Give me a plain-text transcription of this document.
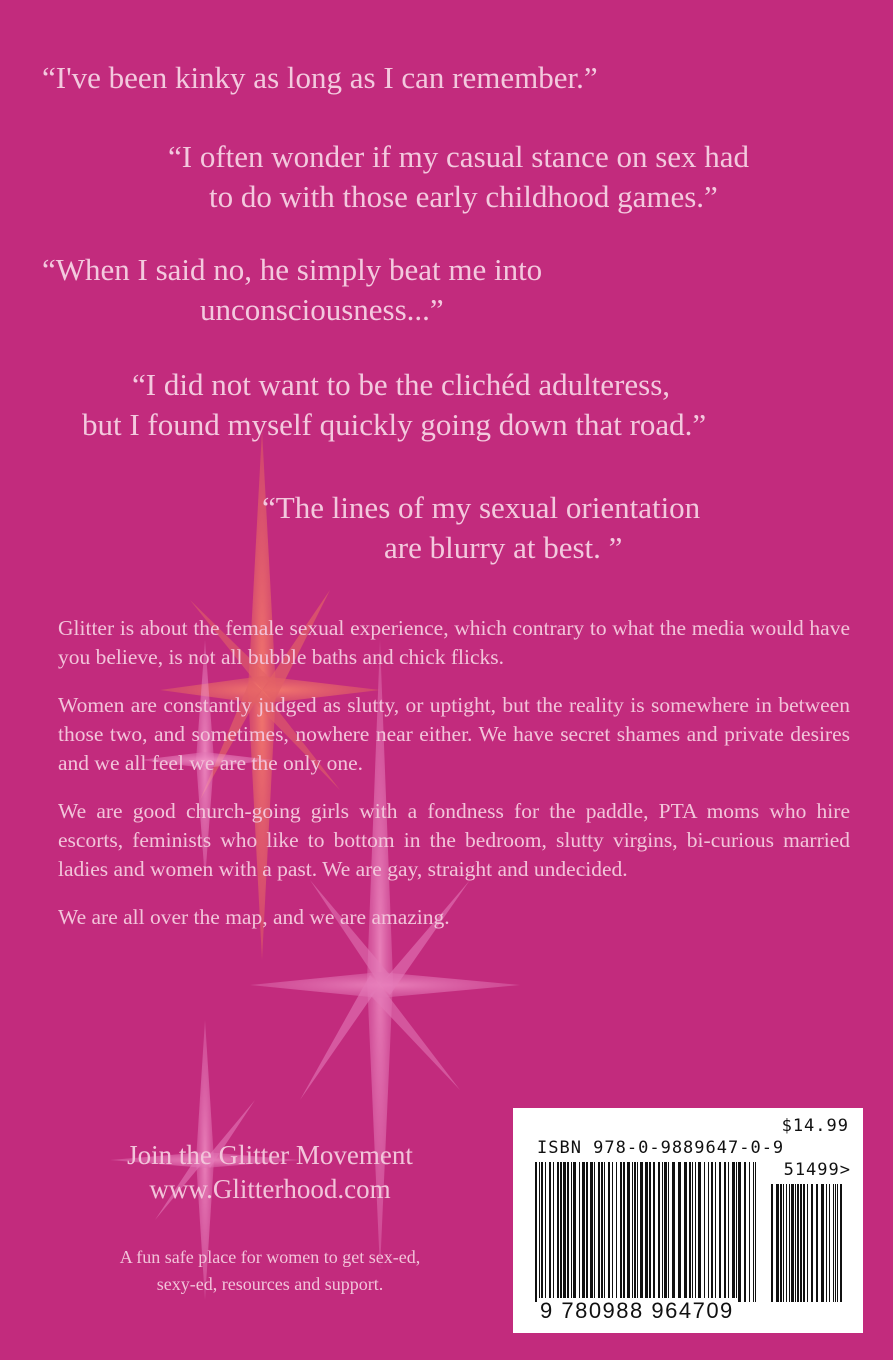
“I've been kinky as long as I can remember.”

“I often wonder if my casual stance on sex had
to do with those early childhood games.”

“When I said no, he simply beat me into
unconsciousness...”

“I did not want to be the clichéd adulteress,
but I found myself quickly going down that road.”

“The lines of my sexual orientation
are blurry at best. ”

Glitter is about the female sexual experience, which contrary to what the media would have you believe, is not all bubble baths and chick flicks.

Women are constantly judged as slutty, or uptight, but the reality is somewhere in between those two, and sometimes, nowhere near either. We have secret shames and private desires and we all feel we are the only one.

We are good church-going girls with a fondness for the paddle, PTA moms who hire escorts, feminists who like to bottom in the bedroom, slutty virgins, bi-curious married ladies and women with a past. We are gay, straight and undecided.

We are all over the map, and we are amazing.

Join the Glitter Movement
www.Glitterhood.com
A fun safe place for women to get sex-ed,
sexy-ed, resources and support.
$14.99
ISBN 978-0-9889647-0-9
51499>
9 780988 964709
